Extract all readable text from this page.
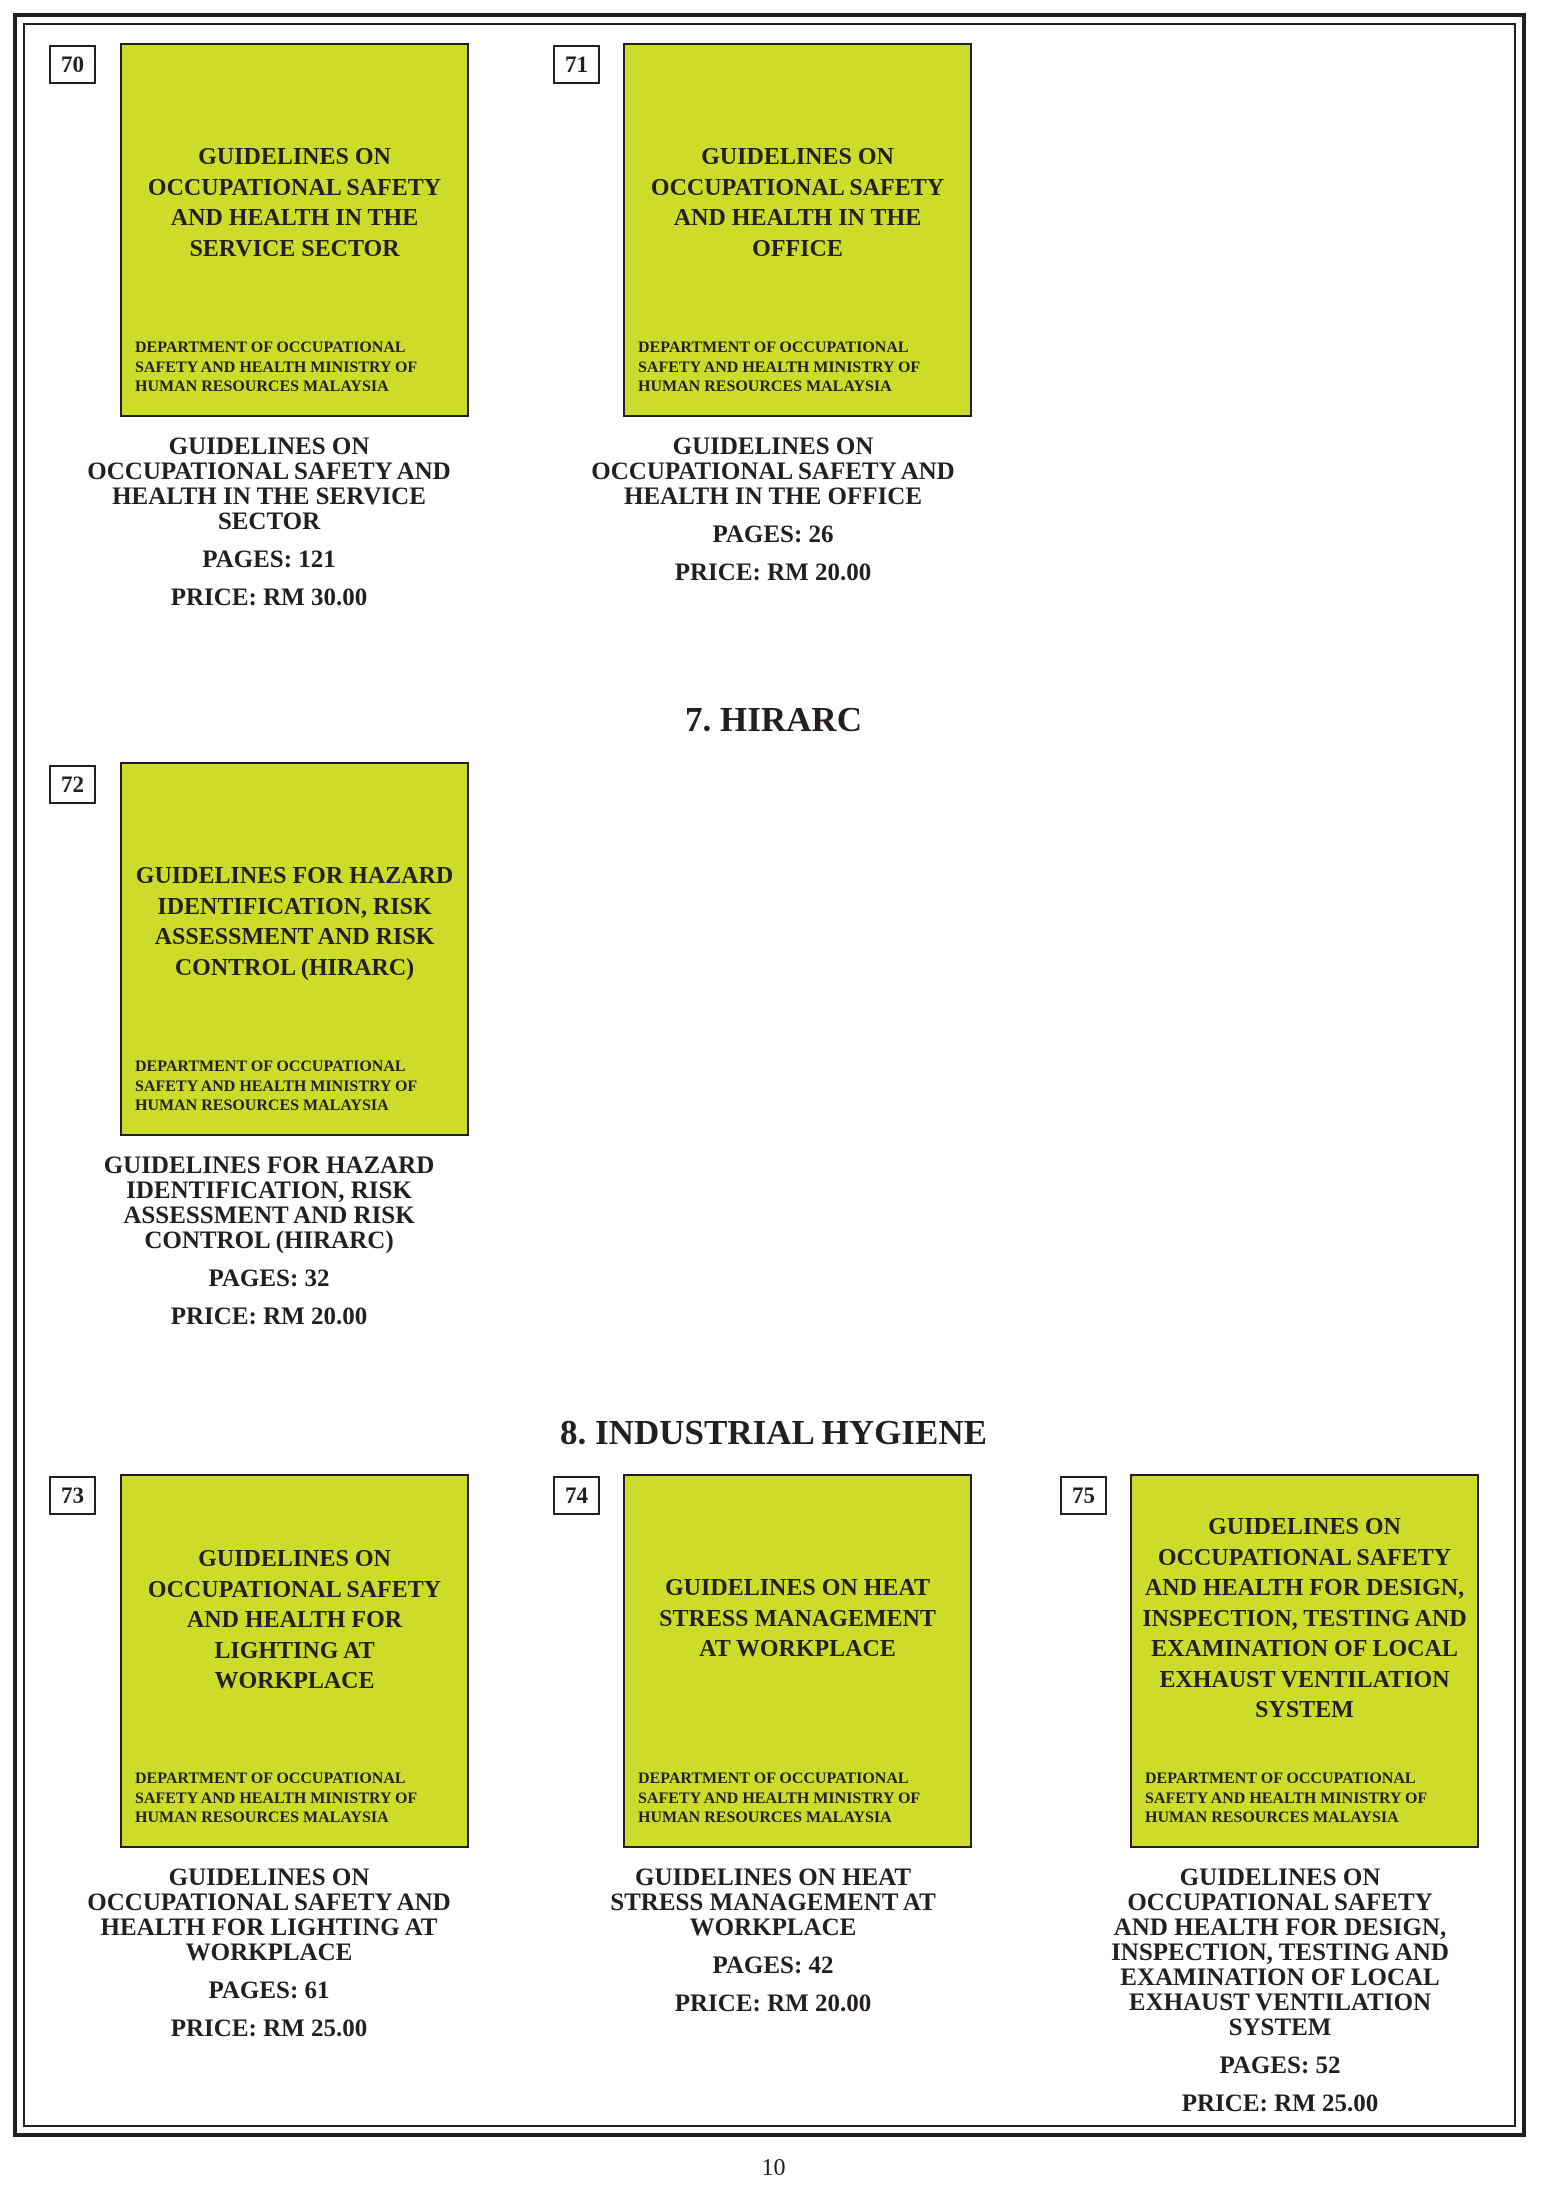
70
GUIDELINES ON
OCCUPATIONAL SAFETY
AND HEALTH IN THE
SERVICE SECTOR
DEPARTMENT OF OCCUPATIONAL
SAFETY AND HEALTH MINISTRY OF
HUMAN RESOURCES MALAYSIA
GUIDELINES ON
OCCUPATIONAL SAFETY AND
HEALTH IN THE SERVICE
SECTOR
PAGES: 121
PRICE: RM 30.00
71
GUIDELINES ON
OCCUPATIONAL SAFETY
AND HEALTH IN THE
OFFICE
DEPARTMENT OF OCCUPATIONAL
SAFETY AND HEALTH MINISTRY OF
HUMAN RESOURCES MALAYSIA
GUIDELINES ON
OCCUPATIONAL SAFETY AND
HEALTH IN THE OFFICE
PAGES: 26
PRICE: RM 20.00
7. HIRARC
72
GUIDELINES FOR HAZARD
IDENTIFICATION, RISK
ASSESSMENT AND RISK
CONTROL (HIRARC)
DEPARTMENT OF OCCUPATIONAL
SAFETY AND HEALTH MINISTRY OF
HUMAN RESOURCES MALAYSIA
GUIDELINES FOR HAZARD
IDENTIFICATION, RISK
ASSESSMENT AND RISK
CONTROL (HIRARC)
PAGES: 32
PRICE: RM 20.00
8. INDUSTRIAL HYGIENE
73
GUIDELINES ON
OCCUPATIONAL SAFETY
AND HEALTH FOR
LIGHTING AT
WORKPLACE
DEPARTMENT OF OCCUPATIONAL
SAFETY AND HEALTH MINISTRY OF
HUMAN RESOURCES MALAYSIA
GUIDELINES ON
OCCUPATIONAL SAFETY AND
HEALTH FOR LIGHTING AT
WORKPLACE
PAGES: 61
PRICE: RM 25.00
74
GUIDELINES ON HEAT
STRESS MANAGEMENT
AT WORKPLACE
DEPARTMENT OF OCCUPATIONAL
SAFETY AND HEALTH MINISTRY OF
HUMAN RESOURCES MALAYSIA
GUIDELINES ON HEAT
STRESS MANAGEMENT AT
WORKPLACE
PAGES: 42
PRICE: RM 20.00
75
GUIDELINES ON
OCCUPATIONAL SAFETY
AND HEALTH FOR DESIGN,
INSPECTION, TESTING AND
EXAMINATION OF LOCAL
EXHAUST VENTILATION
SYSTEM
DEPARTMENT OF OCCUPATIONAL
SAFETY AND HEALTH MINISTRY OF
HUMAN RESOURCES MALAYSIA
GUIDELINES ON
OCCUPATIONAL SAFETY
AND HEALTH FOR DESIGN,
INSPECTION, TESTING AND
EXAMINATION OF LOCAL
EXHAUST VENTILATION
SYSTEM
PAGES: 52
PRICE: RM 25.00
10
